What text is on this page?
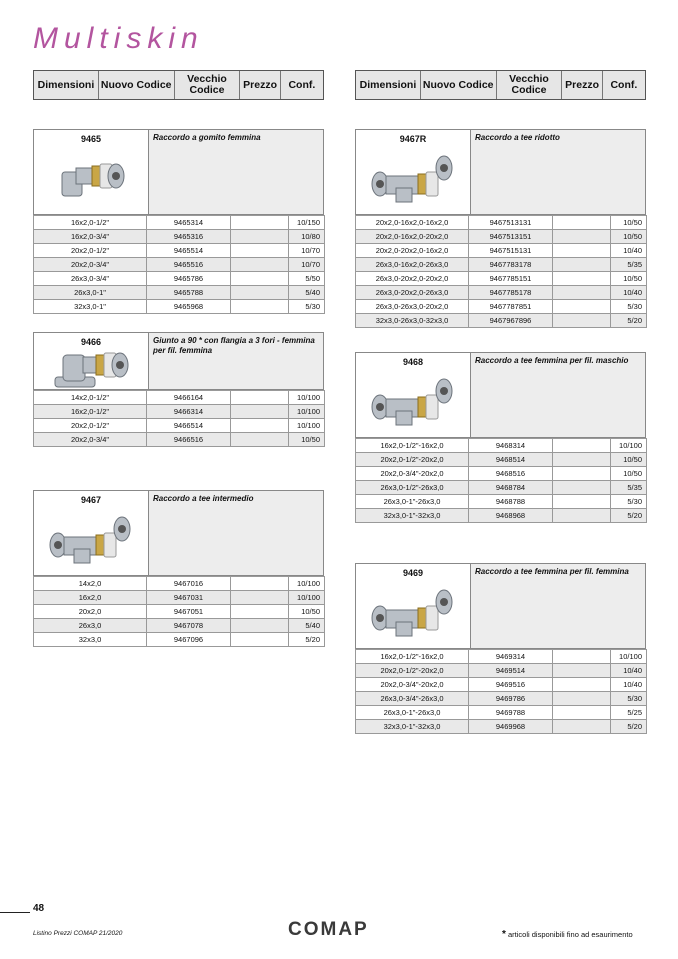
Multiskin
Dimensioni Nuovo Codice	Vecchio Codice	Prezzo	Conf.	Dimensioni Nuovo Codice	Vecchio Codice	Prezzo	Conf.
9465	Raccordo a gomito femmina
16x2,0-1/2"	9465314		10/150
16x2,0-3/4"	9465316		10/80
20x2,0-1/2"	9465514		10/70
20x2,0-3/4"	9465516		10/70
26x3,0-3/4"	9465786		5/50
26x3,0-1"	9465788		5/40
32x3,0-1"	9465968		5/30
9466	Giunto a 90 * con flangia a 3 fori - femmina per fil. femmina
14x2,0-1/2"	9466164		10/100
16x2,0-1/2"	9466314		10/100
20x2,0-1/2"	9466514		10/100
20x2,0-3/4"	9466516		10/50
9467	Raccordo a tee intermedio
14x2,0	9467016		10/100
16x2,0	9467031		10/100
20x2,0	9467051		10/50
26x3,0	9467078		5/40
32x3,0	9467096		5/20
9467R	Raccordo a tee ridotto
20x2,0-16x2,0-16x2,0	9467513131		10/50
20x2,0-16x2,0-20x2,0	9467513151		10/50
20x2,0-20x2,0-16x2,0	9467515131		10/40
26x3,0-16x2,0-26x3,0	9467783178		5/35
26x3,0-20x2,0-20x2,0	9467785151		10/50
26x3,0-20x2,0-26x3,0	9467785178		10/40
26x3,0-26x3,0-20x2,0	9467787851		5/30
32x3,0-26x3,0-32x3,0	9467967896		5/20
9468	Raccordo a tee femmina per fil. maschio
16x2,0-1/2"-16x2,0	9468314		10/100
20x2,0-1/2"-20x2,0	9468514		10/50
20x2,0-3/4"-20x2,0	9468516		10/50
26x3,0-1/2"-26x3,0	9468784		5/35
26x3,0-1"-26x3,0	9468788		5/30
32x3,0-1"-32x3,0	9468968		5/20
9469	Raccordo a tee femmina per fil. femmina
16x2,0-1/2"-16x2,0	9469314		10/100
20x2,0-1/2"-20x2,0	9469514		10/40
20x2,0-3/4"-20x2,0	9469516		10/40
26x3,0-3/4"-26x3,0	9469786		5/30
26x3,0-1"-26x3,0	9469788		5/25
32x3,0-1"-32x3,0	9469968		5/20
48
Listino Prezzi COMAP 21/2020	COMAP	* articoli disponibili fino ad esaurimento
